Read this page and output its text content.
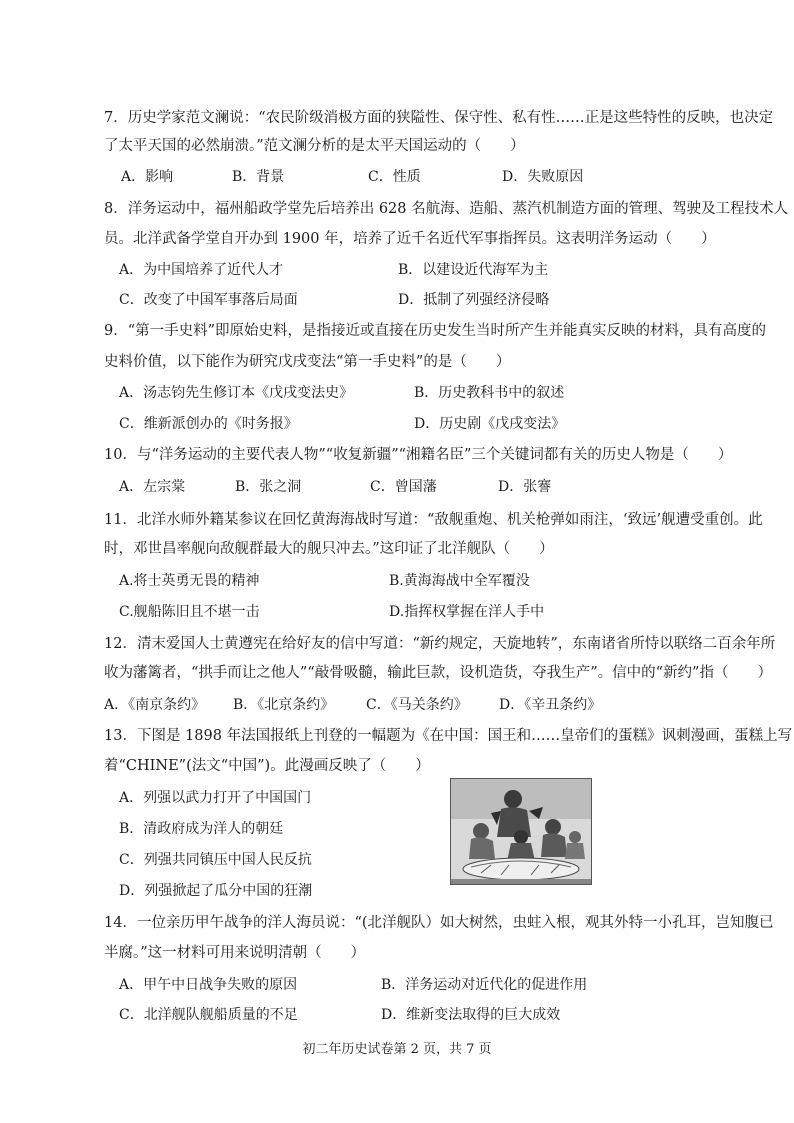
7．历史学家范文澜说：“农民阶级消极方面的狭隘性、保守性、私有性……正是这些特性的反映，也决定
了太平天国的必然崩溃。”范文澜分析的是太平天国运动的（　　）
A．影响	B．背景	C．性质	D．失败原因
8．洋务运动中，福州船政学堂先后培养出 628 名航海、造船、蒸汽机制造方面的管理、驾驶及工程技术人
员。北洋武备学堂自开办到 1900 年，培养了近千名近代军事指挥员。这表明洋务运动（　　）
A．为中国培养了近代人才	B．以建设近代海军为主
C．改变了中国军事落后局面	D．抵制了列强经济侵略
9．“第一手史料”即原始史料，是指接近或直接在历史发生当时所产生并能真实反映的材料，具有高度的
史料价值，以下能作为研究戊戌变法“第一手史料”的是（　　）
A．汤志钧先生修订本《戊戌变法史》	B．历史教科书中的叙述
C．维新派创办的《时务报》	D．历史剧《戊戌变法》
10．与“洋务运动的主要代表人物”“收复新疆”“湘籍名臣”三个关键词都有关的历史人物是（　　）
A．左宗棠	B．张之洞	C．曾国藩	D．张謇
11．北洋水师外籍某参议在回忆黄海海战时写道：“敌舰重炮、机关枪弹如雨注，‘致远’舰遭受重创。此
时，邓世昌率舰向敌舰群最大的舰只冲去。”这印证了北洋舰队（　　）
A.将士英勇无畏的精神	B.黄海海战中全军覆没
C.舰船陈旧且不堪一击	D.指挥权掌握在洋人手中
12．清末爱国人士黄遵宪在给好友的信中写道：“新约规定，天旋地转”，东南诸省所恃以联络二百余年所
收为藩篱者，“拱手而让之他人”“敲骨吸髓，输此巨款，设机造货，夺我生产”。信中的“新约”指（　　）
A．《南京条约》 B．《北京条约》 C．《马关条约》 D．《辛丑条约》
13．下图是 1898 年法国报纸上刊登的一幅题为《在中国：国王和……皇帝们的蛋糕》讽刺漫画，蛋糕上写
着“CHINE”(法文“中国”)。此漫画反映了（　　）
A．列强以武力打开了中国国门
B．清政府成为洋人的朝廷
C．列强共同镇压中国人民反抗
D．列强掀起了瓜分中国的狂潮
14．一位亲历甲午战争的洋人海员说：“(北洋舰队）如大树然，虫蛀入根，观其外特一小孔耳，岂知腹已
半腐。”这一材料可用来说明清朝（　　）
A．甲午中日战争失败的原因	B．洋务运动对近代化的促进作用
C．北洋舰队舰船质量的不足	D．维新变法取得的巨大成效
初二年历史试卷第 2 页，共 7 页
